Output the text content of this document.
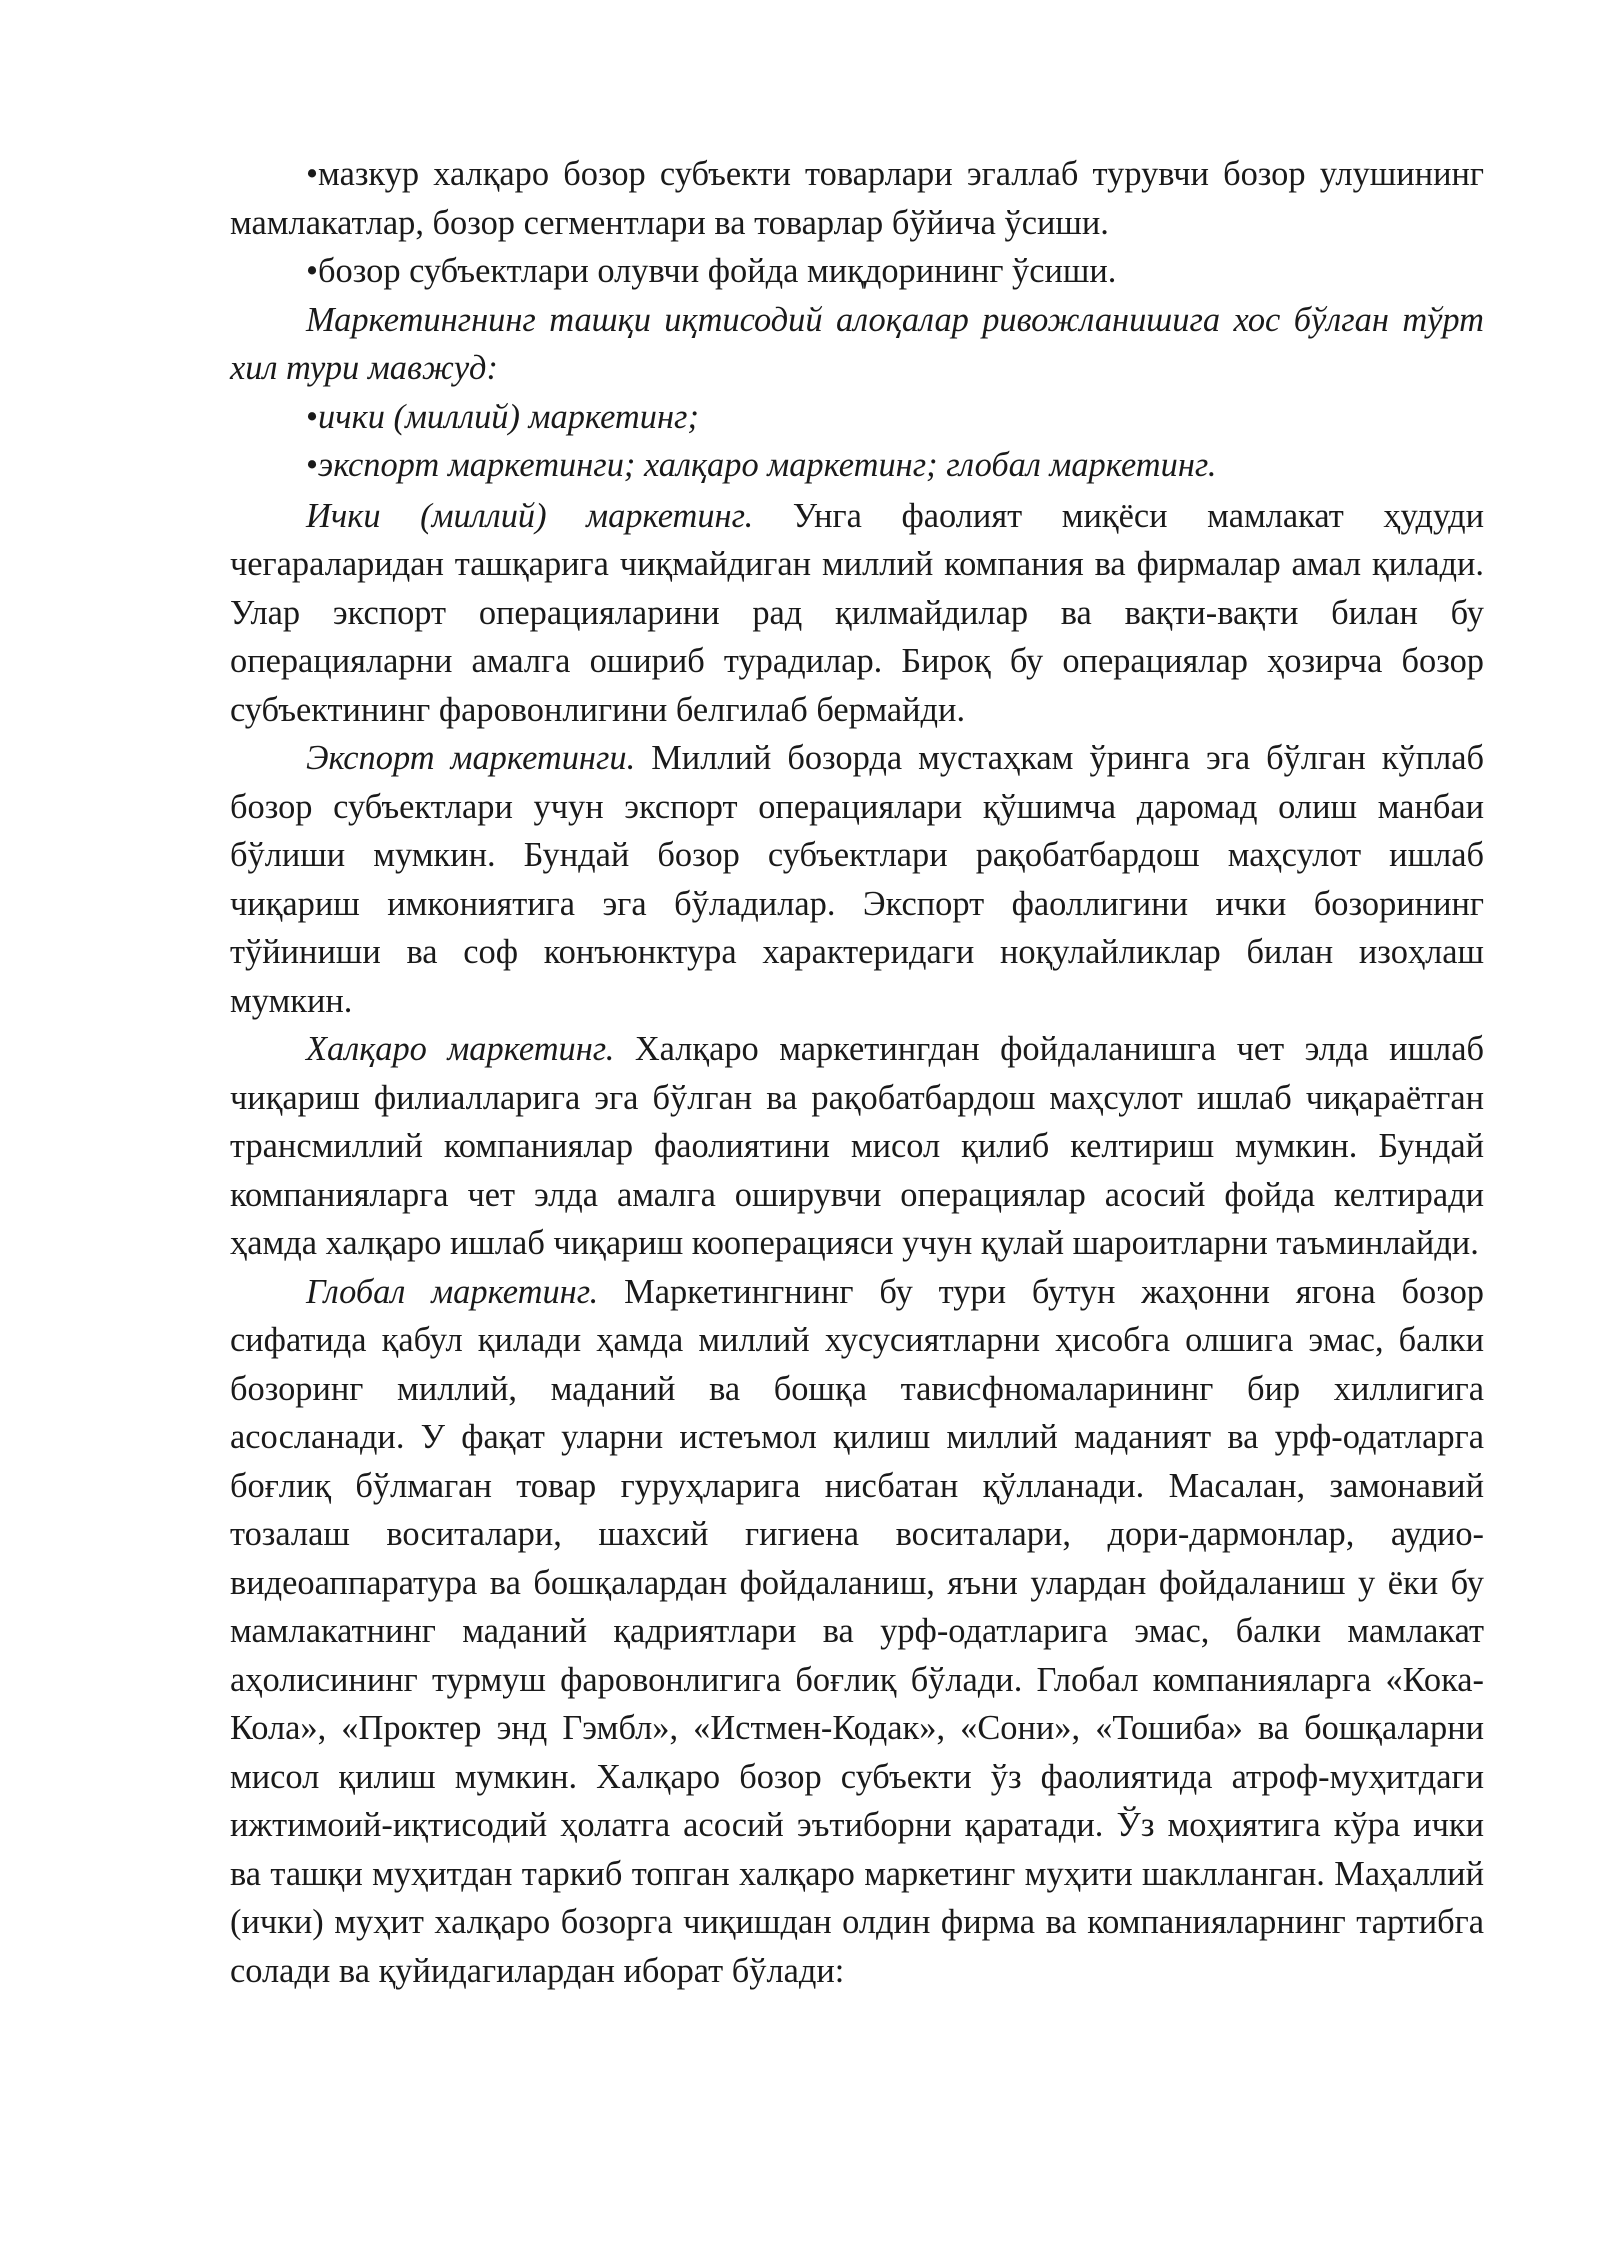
•мазкур халқаро бозор субъекти товарлари эгаллаб турувчи бозор улушининг мамлакатлар, бозор сегментлари ва товарлар бўйича ўсиши.

•бозор субъектлари олувчи фойда миқдорининг ўсиши.

Маркетингнинг ташқи иқтисодий алоқалар ривожланишига хос бўлган тўрт хил тури мавжуд:

•ички (миллий) маркетинг;

•экспорт маркетинги; халқаро маркетинг; глобал маркетинг.

Ички (миллий) маркетинг. Унга фаолият миқёси мамлакат ҳудуди чегараларидан ташқарига чиқмайдиган миллий компания ва фирмалар амал қилади. Улар экспорт операцияларини рад қилмайдилар ва вақти-вақти билан бу операцияларни амалга ошириб турадилар. Бироқ бу операциялар ҳозирча бозор субъектининг фаровонлигини белгилаб бермайди.

Экспорт маркетинги. Миллий бозорда мустаҳкам ўринга эга бўлган кўплаб бозор субъектлари учун экспорт операциялари қўшимча даромад олиш манбаи бўлиши мумкин. Бундай бозор субъектлари рақобатбардош маҳсулот ишлаб чиқариш имкониятига эга бўладилар. Экспорт фаоллигини ички бозорининг тўйиниши ва соф конъюнктура характеридаги ноқулайликлар билан изоҳлаш мумкин.

Халқаро маркетинг. Халқаро маркетингдан фойдаланишга чет элда ишлаб чиқариш филиалларига эга бўлган ва рақобатбардош маҳсулот ишлаб чиқараётган трансмиллий компаниялар фаолиятини мисол қилиб келтириш мумкин. Бундай компанияларга чет элда амалга оширувчи операциялар асосий фойда келтиради ҳамда халқаро ишлаб чиқариш кооперацияси учун қулай шароитларни таъминлайди.

Глобал маркетинг. Маркетингнинг бу тури бутун жаҳонни ягона бозор сифатида қабул қилади ҳамда миллий хусусиятларни ҳисобга олшига эмас, балки бозоринг миллий, маданий ва бошқа тависфномаларининг бир хиллигига асосланади. У фақат уларни истеъмол қилиш миллий маданият ва урф-одатларга боғлиқ бўлмаган товар гуруҳларига нисбатан қўлланади. Масалан, замонавий тозалаш воситалари, шахсий гигиена воситалари, дори-дармонлар, аудио-видеоаппаратура ва бошқалардан фойдаланиш, яъни улардан фойдаланиш у ёки бу мамлакатнинг маданий қадриятлари ва урф-одатларига эмас, балки мамлакат аҳолисининг турмуш фаровонлигига боғлиқ бўлади. Глобал компанияларга «Кока-Кола», «Проктер энд Гэмбл», «Истмен-Кодак», «Сони», «Тошиба» ва бошқаларни мисол қилиш мумкин. Халқаро бозор субъекти ўз фаолиятида атроф-муҳитдаги ижтимоий-иқтисодий ҳолатга асосий эътиборни қаратади. Ўз моҳиятига кўра ички ва ташқи муҳитдан таркиб топган халқаро маркетинг муҳити шаклланган. Маҳаллий (ички) муҳит халқаро бозорга чиқишдан олдин фирма ва компанияларнинг тартибга солади ва қуйидагилардан иборат бўлади:
